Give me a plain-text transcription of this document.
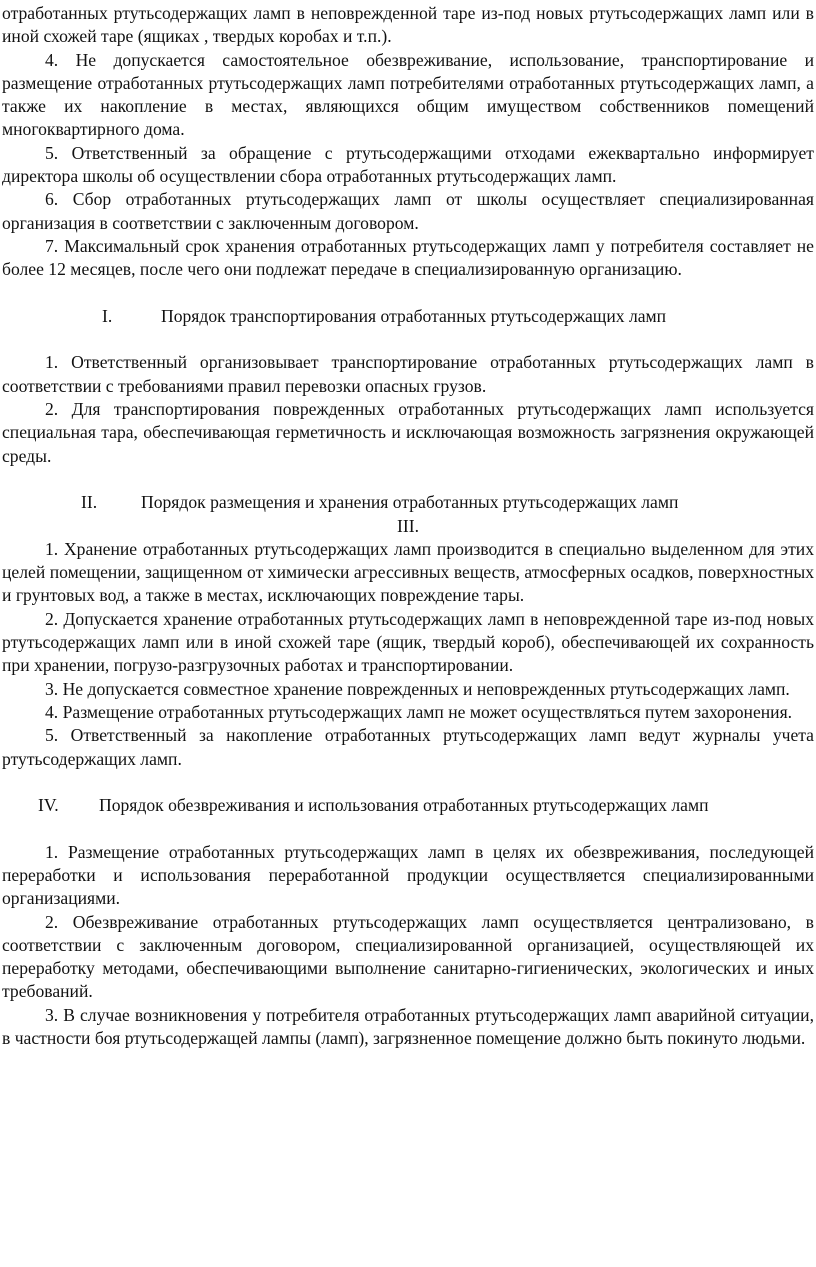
отработанных ртутьсодержащих ламп в неповрежденной таре из-под новых ртутьсодержащих ламп или в иной схожей таре (ящиках , твердых коробах и т.п.).

4. Не допускается самостоятельное обезвреживание, использование, транспортирование и размещение отработанных ртутьсодержащих ламп потребителями отработанных ртутьсодержащих ламп, а также их накопление в местах, являющихся общим имуществом собственников помещений многоквартирного дома.

5. Ответственный за обращение с ртутьсодержащими отходами ежеквартально информирует директора школы об осуществлении сбора отработанных ртутьсодержащих ламп.

6. Сбор отработанных ртутьсодержащих ламп от школы осуществляет специализированная организация в соответствии с заключенным договором.

7. Максимальный срок хранения отработанных ртутьсодержащих ламп у потребителя составляет не более 12 месяцев, после чего они подлежат передаче в специализированную организацию.

I.	Порядок транспортирования отработанных ртутьсодержащих ламп

1. Ответственный организовывает транспортирование отработанных ртутьсодержащих ламп в соответствии с требованиями правил перевозки опасных грузов.

2. Для транспортирования поврежденных отработанных ртутьсодержащих ламп используется специальная тара, обеспечивающая герметичность и исключающая возможность загрязнения окружающей среды.

II.	Порядок размещения и хранения отработанных ртутьсодержащих ламп

III.

1. Хранение отработанных ртутьсодержащих ламп производится в специально выделенном для этих целей помещении, защищенном от химически агрессивных веществ, атмосферных осадков, поверхностных и грунтовых вод, а также в местах, исключающих повреждение тары.

2. Допускается хранение отработанных ртутьсодержащих ламп в неповрежденной таре из-под новых ртутьсодержащих ламп или в иной схожей таре (ящик, твердый короб), обеспечивающей их сохранность при хранении, погрузо-разгрузочных работах и транспортировании.

3. Не допускается совместное хранение поврежденных и неповрежденных ртутьсодержащих ламп.

4. Размещение отработанных ртутьсодержащих ламп не может осуществляться путем захоронения.

5. Ответственный за накопление отработанных ртутьсодержащих ламп ведут журналы учета ртутьсодержащих ламп.

IV.	Порядок обезвреживания и использования отработанных ртутьсодержащих ламп

1. Размещение отработанных ртутьсодержащих ламп в целях их обезвреживания, последующей переработки и использования переработанной продукции осуществляется специализированными организациями.

2. Обезвреживание отработанных ртутьсодержащих ламп осуществляется централизовано, в соответствии с заключенным договором, специализированной организацией, осуществляющей их переработку методами, обеспечивающими выполнение санитарно-гигиенических, экологических и иных требований.

3. В случае возникновения у потребителя отработанных ртутьсодержащих ламп аварийной ситуации, в частности боя ртутьсодержащей лампы (ламп), загрязненное помещение должно быть покинуто людьми.
